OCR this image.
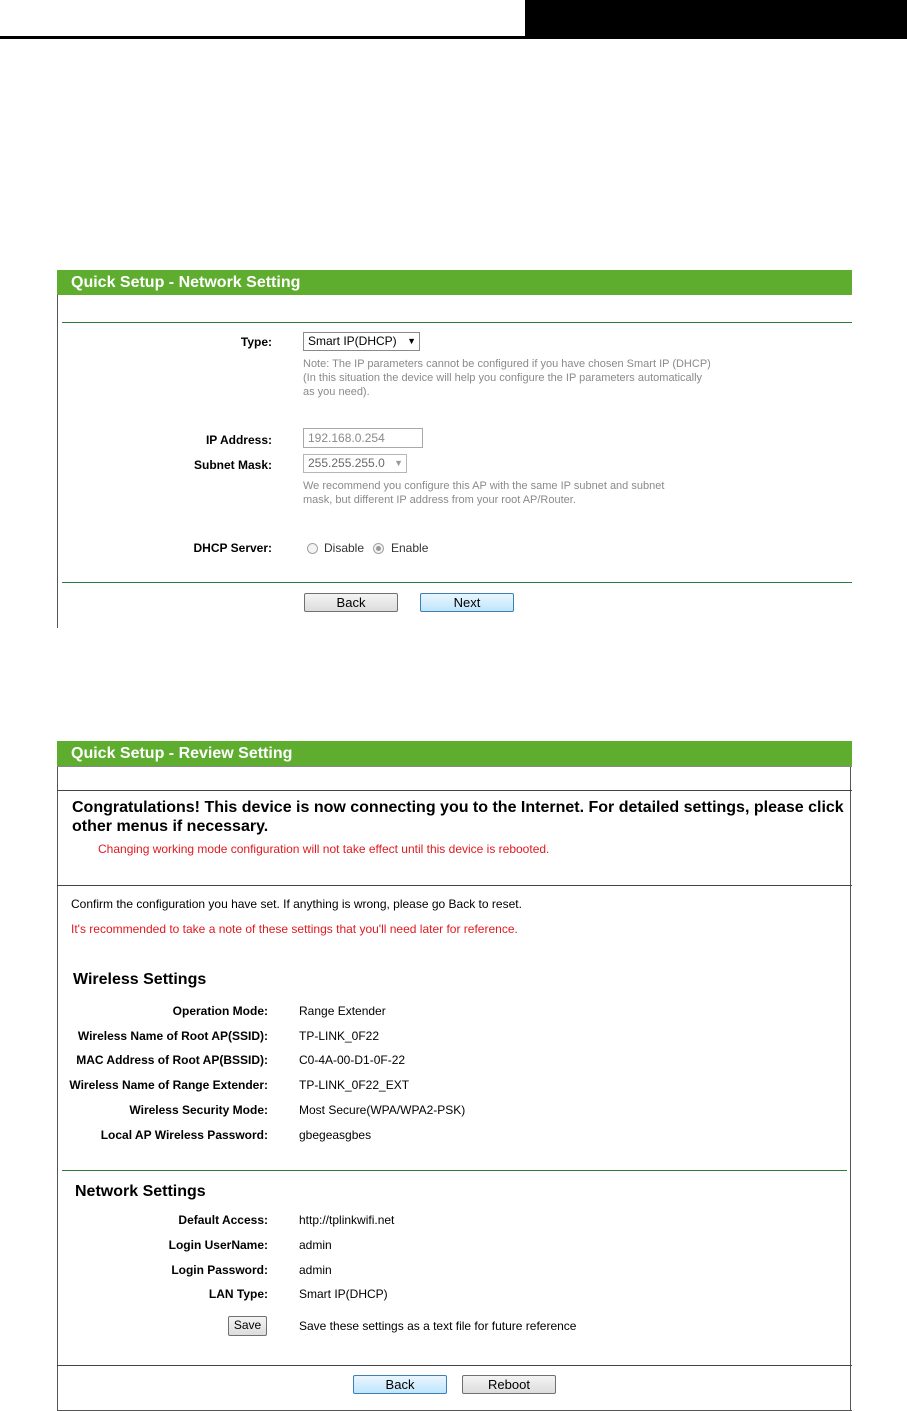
Quick Setup - Network Setting
Type:	Smart IP(DHCP) ▼
Note: The IP parameters cannot be configured if you have chosen Smart IP (DHCP)
(In this situation the device will help you configure the IP parameters automatically
as you need).
IP Address:	192.168.0.254
Subnet Mask:	255.255.255.0 ▼
We recommend you configure this AP with the same IP subnet and subnet
mask, but different IP address from your root AP/Router.
DHCP Server:	Disable Enable
Back	Next
Quick Setup - Review Setting
Congratulations! This device is now connecting you to the Internet. For detailed settings, please click other menus if necessary.
Changing working mode configuration will not take effect until this device is rebooted.
Confirm the configuration you have set. If anything is wrong, please go Back to reset.
It's recommended to take a note of these settings that you'll need later for reference.
Wireless Settings
Operation Mode:	Range Extender
Wireless Name of Root AP(SSID):	TP-LINK_0F22
MAC Address of Root AP(BSSID):	C0-4A-00-D1-0F-22
Wireless Name of Range Extender:	TP-LINK_0F22_EXT
Wireless Security Mode:	Most Secure(WPA/WPA2-PSK)
Local AP Wireless Password:	gbegeasgbes
Network Settings
Default Access:	http://tplinkwifi.net
Login UserName:	admin
Login Password:	admin
LAN Type:	Smart IP(DHCP)
Save	Save these settings as a text file for future reference
Back	Reboot
